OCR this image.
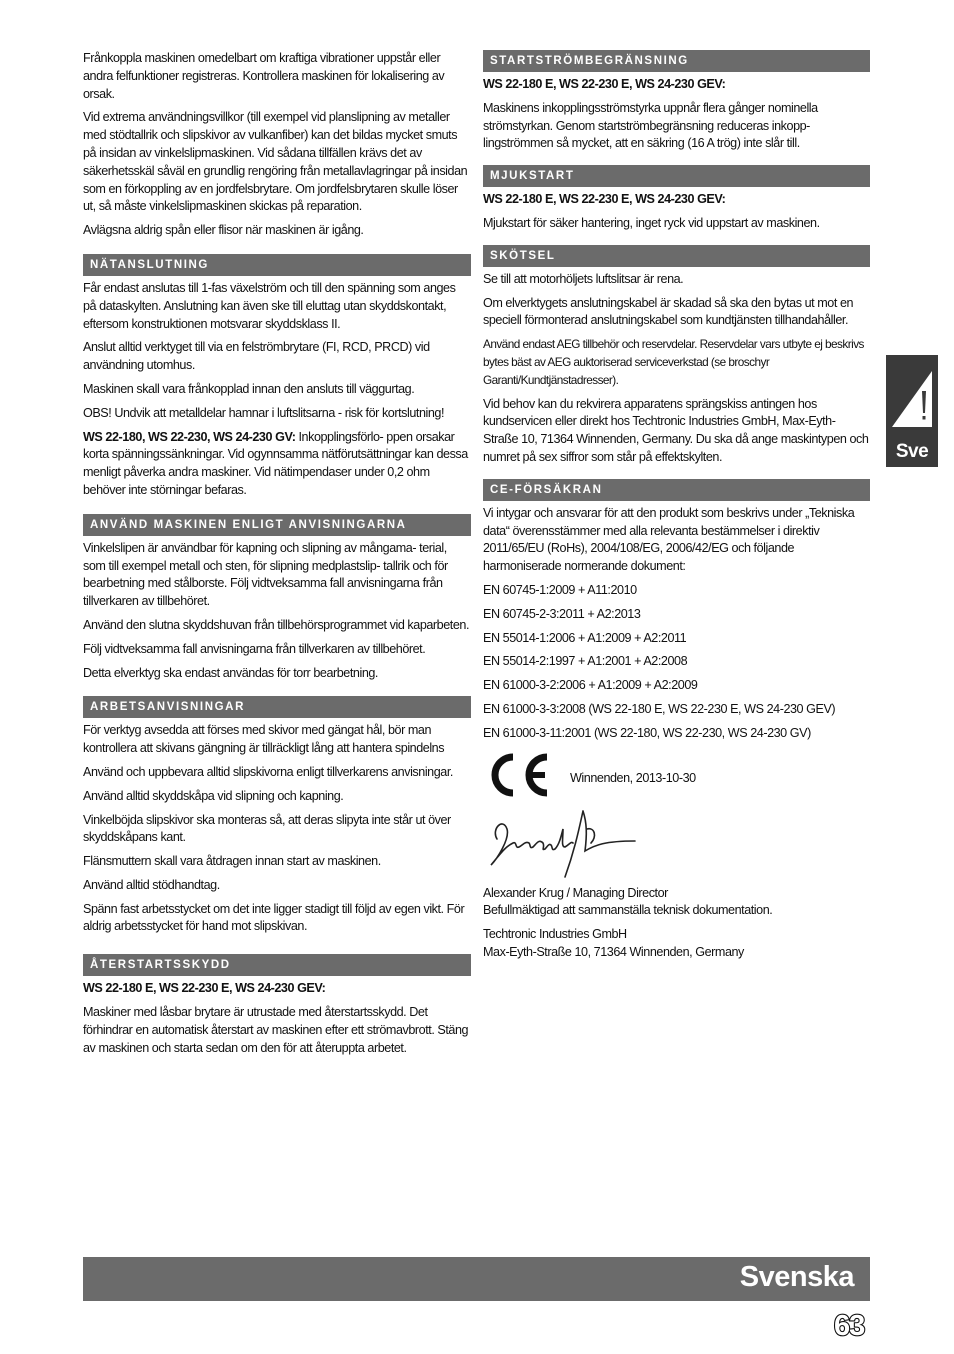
Frånkoppla maskinen omedelbart om kraftiga vibrationer uppstår eller andra felfunktioner registreras. Kontrollera maskinen för lokalisering av orsak.

Vid extrema användningsvillkor (till exempel vid planslipning av metaller med stödtallrik och slipskivor av vulkanfiber) kan det bildas mycket smuts på insidan av vinkelslipmaskinen. Vid sådana tillfällen krävs det av säkerhetsskäl såväl en grundlig rengöring från metallavlagringar på insidan som en förkoppling av en jordfelsbrytare. Om jordfelsbrytaren skulle löser ut, så måste vinkelslipmaskinen skickas på reparation.

Avlägsna aldrig spån eller flisor när maskinen är igång.

NÄTANSLUTNING

Får endast anslutas till 1-fas växelström och till den spänning som anges på dataskylten. Anslutning kan även ske till eluttag utan skyddskontakt, eftersom konstruktionen motsvarar skyddsklass II.

Anslut alltid verktyget till via en felströmbrytare (FI, RCD, PRCD) vid användning utomhus.

Maskinen skall vara frånkopplad innan den ansluts till väggurtag.

OBS! Undvik att metalldelar hamnar i luftslitsarna - risk för kortslutning!

WS 22-180, WS 22-230, WS 24-230 GV: Inkopplingsförlo- ppen orsakar korta spänningssänkningar. Vid ogynnsamma nätförutsättningar kan dessa menligt påverka andra maskiner. Vid nätimpendaser under 0,2 ohm behöver inte störningar befaras.

ANVÄND MASKINEN ENLIGT ANVISNINGARNA

Vinkelslipen är användbar för kapning och slipning av mångama- terial, som till exempel metall och sten, för slipning medplastslip- tallrik och för bearbetning med stålborste. Följ vidtveksamma fall anvisningarna från tillverkaren av tillbehöret.

Använd den slutna skyddshuvan från tillbehörsprogrammet vid kaparbeten.

Följ vidtveksamma fall anvisningarna från tillverkaren av tillbehöret.

Detta elverktyg ska endast användas för torr bearbetning.

ARBETSANVISNINGAR

För verktyg avsedda att förses med skivor med gängat hål, bör man kontrollera att skivans gängning är tillräckligt lång att hantera spindelns

Använd och uppbevara alltid slipskivorna enligt tillverkarens anvisningar.

Använd alltid skyddskåpa vid slipning och kapning.

Vinkelböjda slipskivor ska monteras så, att deras slipyta inte står ut över skyddskåpans kant.

Flänsmuttern skall vara åtdragen innan start av maskinen.

Använd alltid stödhandtag.

Spänn fast arbetsstycket om det inte ligger stadigt till följd av egen vikt. För aldrig arbetsstycket för hand mot slipskivan.

ÅTERSTARTSSKYDD

WS 22-180 E, WS 22-230 E, WS 24-230 GEV:

Maskiner med låsbar brytare är utrustade med återstartsskydd. Det förhindrar en automatisk återstart av maskinen efter ett strömavbrott. Stäng av maskinen och starta sedan om den för att återuppta arbetet.

STARTSTRÖMBEGRÄNSNING

WS 22-180 E, WS 22-230 E, WS 24-230 GEV:

Maskinens inkopplingsströmstyrka uppnår flera gånger nominella strömstyrkan. Genom startströmbegränsning reduceras inkopp- lingströmmen så mycket, att en säkring (16 A trög) inte slår till.

MJUKSTART

WS 22-180 E, WS 22-230 E, WS 24-230 GEV:

Mjukstart för säker hantering, inget ryck vid uppstart av maskinen.

SKÖTSEL

Se till att motorhöljets luftslitsar är rena.

Om elverktygets anslutningskabel är skadad så ska den bytas ut mot en speciell förmonterad anslutningskabel som kundtjänsten tillhandahåller.

Använd endast AEG tillbehör och reservdelar. Reservdelar vars utbyte ej beskrivs bytes bäst av AEG auktoriserad serviceverkstad (se broschyr Garanti/Kundtjänstadresser).

Vid behov kan du rekvirera apparatens sprängskiss antingen hos kundservicen eller direkt hos Techtronic Industries GmbH, Max-Eyth-Straße 10, 71364 Winnenden, Germany. Du ska då ange maskintypen och numret på sex siffror som står på effektskylten.

CE-FÖRSÄKRAN

Vi intygar och ansvarar för att den produkt som beskrivs under „Tekniska data“ överensstämmer med alla relevanta bestämmelser i direktiv 2011/65/EU (RoHs), 2004/108/EG, 2006/42/EG och följande harmoniserade normerande dokument:

EN 60745-1:2009 + A11:2010

EN 60745-2-3:2011 + A2:2013

EN 55014-1:2006 + A1:2009 + A2:2011

EN 55014-2:1997 + A1:2001 + A2:2008

EN 61000-3-2:2006 + A1:2009 + A2:2009

EN 61000-3-3:2008 (WS 22-180 E, WS 22-230 E, WS 24-230 GEV)

EN 61000-3-11:2001 (WS 22-180, WS 22-230, WS 24-230 GV)

Winnenden, 2013-10-30

Alexander Krug / Managing Director

Befullmäktigad att sammanställa teknisk dokumentation.

Techtronic Industries GmbH

Max-Eyth-Straße 10, 71364 Winnenden, Germany

Sve
Svenska
63
